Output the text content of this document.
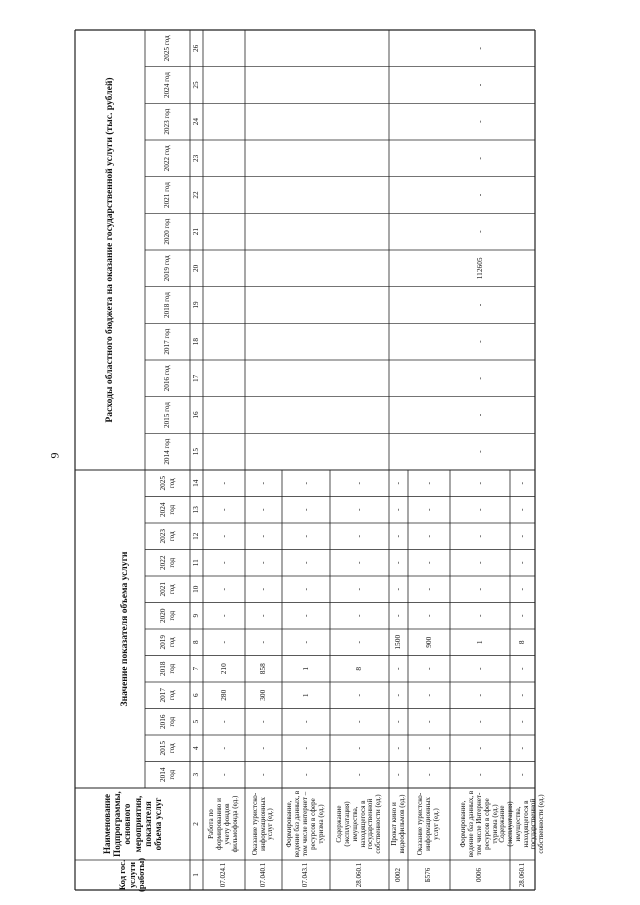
9
Код гос. услуги (работы)
Наименование Подпрограммы, основного мероприятия, показателя объема услуг
Значение показателя объема услуги
Расходы областного бюджета на оказание государственной услуги (тыс. рублей)
2014 год
2015 год
2016 год
2017 год
2018 год
2019 год
2020 год
2021 год
2022 год
2023 год
2024 год
2025 год
2014 год
2015 год
2016 год
2017 год
2018 год
2019 год
2020 год
2021 год
2022 год
2023 год
2024 год
2025 год
1
2
3
4
5
6
7
8
9
10
11
12
13
14
15
16
17
18
19
20
21
22
23
24
25
26
07.024.1
Работа по формированию и учету фондов фильмофонда (ед.)
-
-
-
280
210
-
-
-
-
-
-
-
07.040.1
Оказание туристско-информационных услуг (ед.)
-
-
-
300
858
-
-
-
-
-
-
-
07.043.1
Формирование, ведение баз данных, в том числе интернет – ресурсов в сфере туризма (ед.)
-
-
-
1
1
-
-
-
-
-
-
-
28.060.1
Содержание (эксплуатация) имущества, находящегося в государственной собственности (ед.)
-
-
-
-
8
-
-
-
-
-
-
-
0002
Прокат кино и видеофильмов (ед.)
-
-
-
-
-
1500
-
-
-
-
-
-
Б576
Оказание туристско-информационных услуг (ед.)
-
-
-
-
-
900
-
-
-
-
-
-
0006
Формирование, ведение баз данных, в том числе Интернет-ресурсов в сфере туризма (ед.)
-
-
-
-
-
1
-
-
-
-
-
-
-
-
-
-
-
112605
-
-
-
-
-
-
28.060.1
Содержание (эксплуатация) имущества, находящегося в государственной собственности (ед.)
-
-
-
-
-
8
-
-
-
-
-
-
